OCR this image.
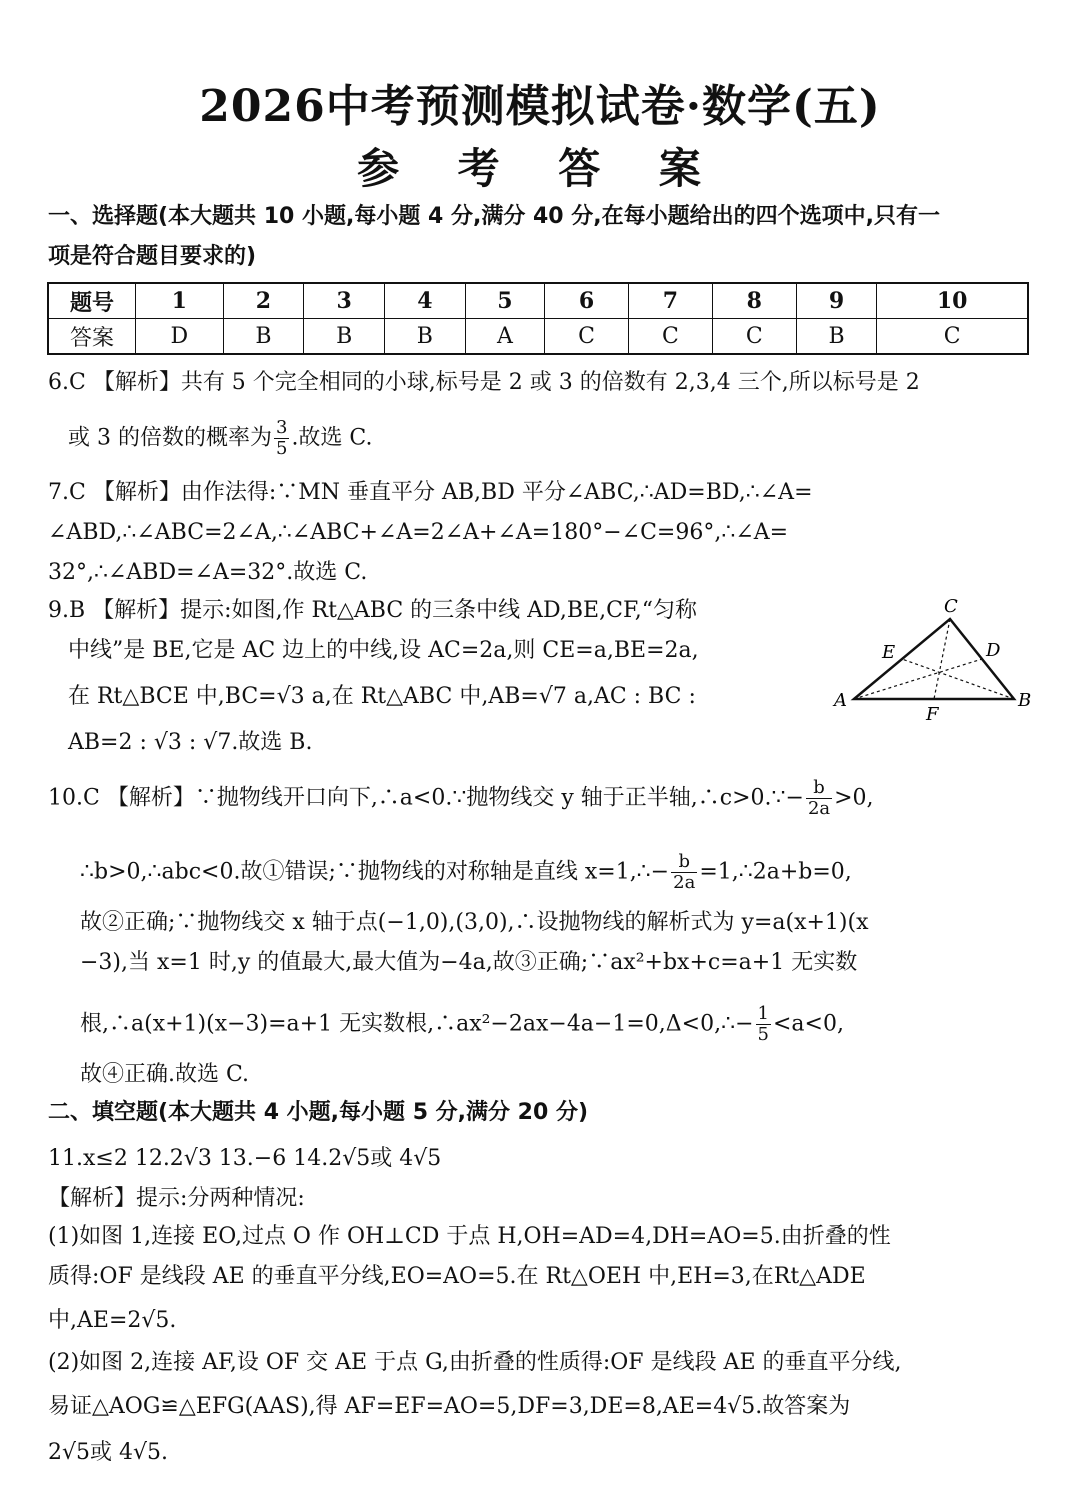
2026中考预测模拟试卷·数学(五)
参 考 答 案
一、选择题(本大题共 10 小题,每小题 4 分,满分 40 分,在每小题给出的四个选项中,只有一
项是符合题目要求的)
题号	1	2	3	4	5	6	7	8	9	10
答案	D	B	B	B	A	C	C	C	B	C
6.C 【解析】共有 5 个完全相同的小球,标号是 2 或 3 的倍数有 2,3,4 三个,所以标号是 2
或 3 的倍数的概率为 $\frac{3}{5}$ .故选 C.
7.C 【解析】由作法得:∵MN 垂直平分 AB,BD 平分∠ABC,∴AD=BD,∴∠A=
∠ABD,∴∠ABC=2∠A,∴∠ABC+∠A=2∠A+∠A=180°−∠C=96°,∴∠A=
32°,∴∠ABD=∠A=32°.故选 C.
9.B 【解析】提示:如图,作 Rt△ABC 的三条中线 AD,BE,CF,“匀称
中线”是 BE,它是 AC 边上的中线,设 AC=2a,则 CE=a,BE=2a,
在 Rt△BCE 中,BC=√3 a,在 Rt△ABC 中,AB=√7 a,AC : BC :
AB=2 : √3 : √7.故选 B.
C
E	D
A
F
B
10.C 【解析】∵抛物线开口向下,∴a<0.∵抛物线交 y 轴于正半轴,∴c>0.∵− $\frac{b}{2a} >0$,
∴b>0,∴abc<0.故①错误;∵抛物线的对称轴是直线 x=1,∴− $\frac{b}{2a}$ =1,∴2a+b=0,
故②正确;∵抛物线交 x 轴于点(−1,0),(3,0),∴设抛物线的解析式为 y=a(x+1)(x
−3),当 x=1 时,y 的值最大,最大值为−4a,故③正确;∵ax²+bx+c=a+1 无实数
根,∴a(x+1)(x−3)=a+1 无实数根,∴ax²−2ax−4a−1=0,Δ<0,∴− $\frac{1}{5} <a<0$,
故④正确.故选 C.
二、填空题(本大题共 4 小题,每小题 5 分,满分 20 分)
11.x≤2 12.2√3 13.−6 14.2√5或 4√5
【解析】提示:分两种情况:
(1)如图 1,连接 EO,过点 O 作 OH⊥CD 于点 H,OH=AD=4,DH=AO=5.由折叠的性
质得:OF 是线段 AE 的垂直平分线,EO=AO=5.在 Rt△OEH 中,EH=3,在Rt△ADE
中,AE=2√5.
(2)如图 2,连接 AF,设 OF 交 AE 于点 G,由折叠的性质得:OF 是线段 AE 的垂直平分线,
易证△AOG≌△EFG(AAS),得 AF=EF=AO=5,DF=3,DE=8,AE=4√5.故答案为
2√5或 4√5.
